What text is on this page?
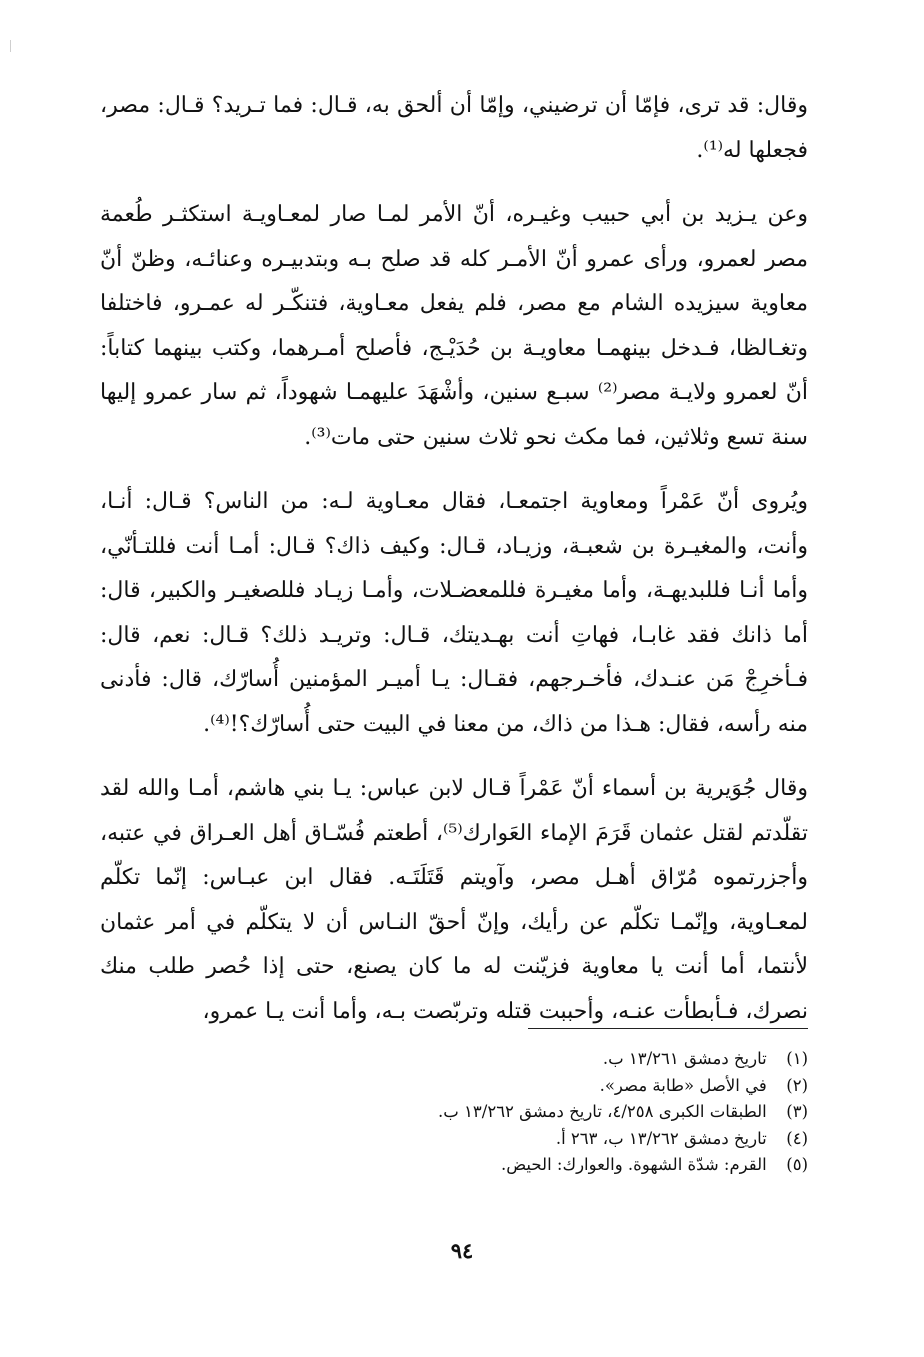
وقال: قد ترى، فإمّا أن ترضيني، وإمّا أن ألحق به، قـال: فما تـريد؟ قـال: مصر، فجعلها له⁽¹⁾.

وعن يـزيد بن أبي حبيب وغيـره، أنّ الأمر لمـا صار لمعـاويـة استكثـر طُعمة مصر لعمرو، ورأى عمرو أنّ الأمـر كله قد صلح بـه وبتدبيـره وعنائـه، وظنّ أنّ معاوية سيزيده الشام مع مصر، فلم يفعل معـاوية، فتنكّـر له عمـرو، فاختلفا وتغـالظا، فـدخل بينهمـا معاويـة بن حُدَيْـج، فأصلح أمـرهما، وكتب بينهما كتاباً: أنّ لعمرو ولايـة مصر⁽²⁾ سبـع سنين، وأشْهَدَ عليهمـا شهوداً، ثم سار عمرو إليها سنة تسع وثلاثين، فما مكث نحو ثلاث سنين حتى مات⁽³⁾.

ويُروى أنّ عَمْراً ومعاوية اجتمعـا، فقال معـاوية لـه: من الناس؟ قـال: أنـا، وأنت، والمغيـرة بن شعبـة، وزيـاد، قـال: وكيف ذاك؟ قـال: أمـا أنت فللتـأنّي، وأما أنـا فللبديهـة، وأما مغيـرة فللمعضـلات، وأمـا زيـاد فللصغيـر والكبير، قال: أما ذانك فقد غابـا، فهاتِ أنت بهـديتك، قـال: وتريـد ذلك؟ قـال: نعم، قال: فـأخرِجْ مَن عنـدك، فأخـرجهم، فقـال: يـا أميـر المؤمنين أُسارّك، قال: فأدنى منه رأسه، فقال: هـذا من ذاك، من معنا في البيت حتى أُسارّك؟!⁽⁴⁾.

وقال جُوَيرية بن أسماء أنّ عَمْراً قـال لابن عباس: يـا بني هاشم، أمـا والله لقد تقلّدتم لقتل عثمان قَرَمَ الإماء العَوارك⁽⁵⁾، أطعتم فُسّـاق أهل العـراق في عتبه، وأجزرتموه مُرّاق أهـل مصر، وآويتم قَتَلَتَـه. فقال ابن عبـاس: إنّما تكلّم لمعـاوية، وإنّمـا تكلّم عن رأيك، وإنّ أحقّ النـاس أن لا يتكلّم في أمر عثمان لأنتما، أما أنت يا معاوية فزيّنت له ما كان يصنع، حتى إذا حُصر طلب منك نصرك، فـأبطأت عنـه، وأحببت قتله وتربّصت بـه، وأما أنت يـا عمرو،

(١) تاريخ دمشق ١٣/٢٦١ ب.
(٢) في الأصل «طابة مصر».
(٣) الطبقات الكبرى ٤/٢٥٨، تاريخ دمشق ١٣/٢٦٢ ب.
(٤) تاريخ دمشق ١٣/٢٦٢ ب، ٢٦٣ أ.
(٥) القرم: شدّة الشهوة. والعوارك: الحيض.
٩٤
